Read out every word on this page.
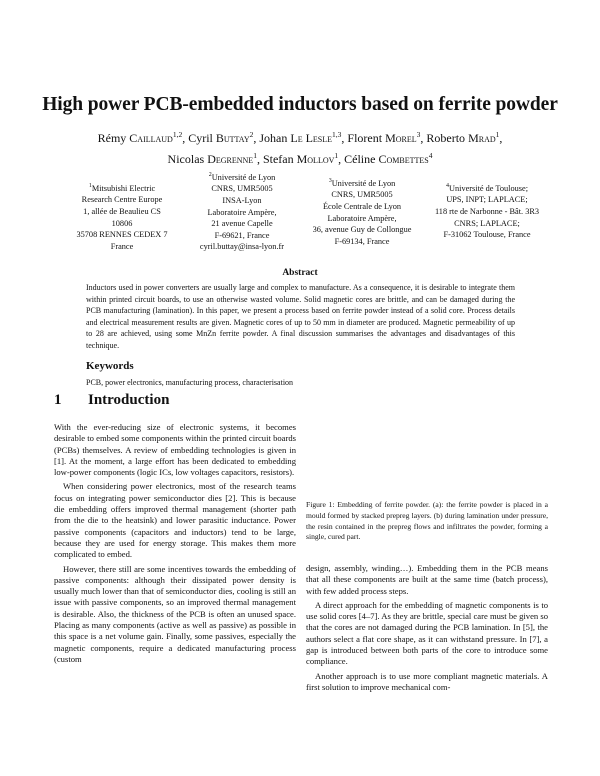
High power PCB-embedded inductors based on ferrite powder
Rémy Caillaud$^{1,2}$, Cyril Buttay$^2$, Johan Le Lesle$^{1,3}$, Florent Morel$^3$, Roberto Mrad$^1$,
Nicolas Degrenne$^1$, Stefan Mollov$^1$, Céline Combettes$^4$
$^1$Mitsubishi Electric
Research Centre Europe
1, allée de Beaulieu CS 10806
35708 RENNES CEDEX 7
France
$^2$Université de Lyon
CNRS, UMR5005
INSA-Lyon
Laboratoire Ampère,
21 avenue Capelle
F-69621, France
cyril.buttay@insa-lyon.fr
$^3$Université de Lyon
CNRS, UMR5005
École Centrale de Lyon
Laboratoire Ampère,
36, avenue Guy de Collongue
F-69134, France
$^4$Université de Toulouse;
UPS, INPT; LAPLACE;
118 rte de Narbonne - Bât. 3R3
CNRS; LAPLACE;
F-31062 Toulouse, France
Abstract
Inductors used in power converters are usually large and complex to manufacture. As a consequence, it is desirable to integrate them within printed circuit boards, to use an otherwise wasted volume. Solid magnetic cores are brittle, and can be damaged during the PCB manufacturing (lamination). In this paper, we present a process based on ferrite powder instead of a solid core. Process details and electrical measurement results are given. Magnetic cores of up to 50 mm in diameter are produced. Magnetic permeability of up to 28 are achieved, using some MnZn ferrite powder. A final discussion summarises the advantages and disadvantages of this technique.
Keywords
PCB, power electronics, manufacturing process, characterisation
1 Introduction

With the ever-reducing size of electronic systems, it becomes desirable to embed some components within the printed circuit boards (PCBs) themselves. A review of embedding technologies is given in [1]. At the moment, a large effort has been dedicated to embedding low-power components (logic ICs, low voltages capacitors, resistors).

When considering power electronics, most of the research teams focus on integrating power semiconductor dies [2]. This is because die embedding offers improved thermal management (shorter path from the die to the heatsink) and lower parasitic inductance. Power passive components (capacitors and inductors) tend to be large, because they are used for energy storage. This makes them more complicated to embed.

However, there still are some incentives towards the embedding of passive components: although their dissipated power density is usually much lower than that of semiconductor dies, cooling is still an issue with passive components, so an improved thermal management is desirable. Also, the thickness of the PCB is often an unused space. Placing as many components (active as well as passive) as possible in this space is a net volume gain. Finally, some passives, especially the magnetic components, require a dedicated manufacturing process (custom

Figure 1: Embedding of ferrite powder. (a): the ferrite powder is placed in a mould formed by stacked prepreg layers. (b) during lamination under pressure, the resin contained in the prepreg flows and infiltrates the powder, forming a single, cured part.

design, assembly, winding…). Embedding them in the PCB means that all these components are built at the same time (batch process), with few added process steps.

A direct approach for the embedding of magnetic components is to use solid cores [4–7]. As they are brittle, special care must be given so that the cores are not damaged during the PCB lamination. In [5], the authors select a flat core shape, as it can withstand pressure. In [7], a gap is introduced between both parts of the core to introduce some compliance.

Another approach is to use more compliant magnetic materials. A first solution to improve mechanical com-
